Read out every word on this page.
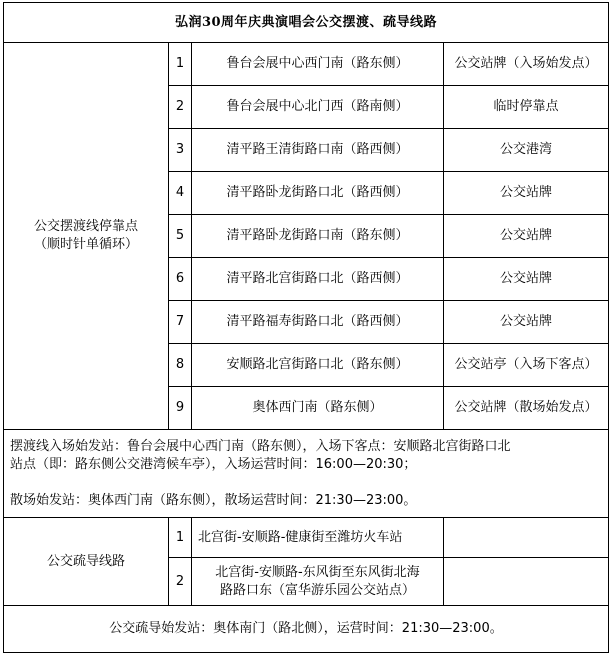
弘润30周年庆典演唱会公交摆渡、疏导线路			

公交摆渡线停靠点
（顺时针单循环）	1	鲁台会展中心西门南（路东侧）	公交站牌（入场始发点）
	2	鲁台会展中心北门西（路南侧）	临时停靠点
	3	清平路王清街路口南（路西侧）	公交港湾
	4	清平路卧龙街路口北（路西侧）	公交站牌
	5	清平路卧龙街路口南（路东侧）	公交站牌
	6	清平路北宫街路口北（路西侧）	公交站牌
	7	清平路福寿街路口北（路西侧）	公交站牌
	8	安顺路北宫街路口北（路东侧）	公交站亭（入场下客点）
	9	奥体西门南（路东侧）	公交站牌（散场始发点）

摆渡线入场始发站：鲁台会展中心西门南（路东侧），入场下客点：安顺路北宫街路口北

站点（即：路东侧公交港湾候车亭），入场运营时间：16:00—20:30；

散场始发站：奥体西门南（路东侧），散场运营时间：21:30—23:00。			

公交疏导线路	1	北宫街-安顺路-健康街至潍坊火车站	

	2	北宫街-安顺路-东风街至东风街北海
路路口东（富华游乐园公交站点）	

公交疏导始发站：奥体南门（路北侧），运营时间：21:30—23:00。			
